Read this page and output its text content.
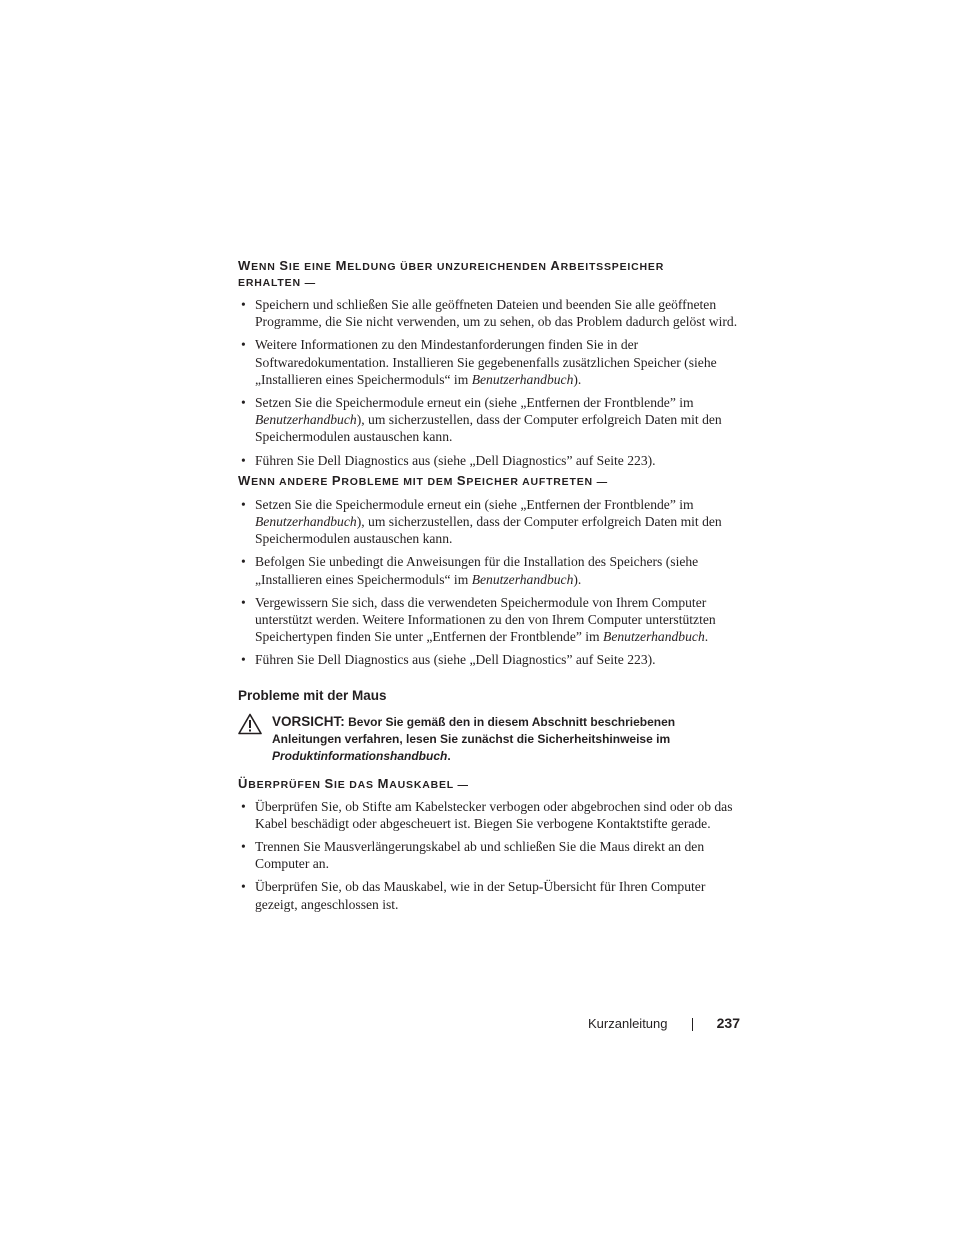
WENN SIE EINE MELDUNG ÜBER UNZUREICHENDEN ARBEITSSPEICHER
ERHALTEN —
• Speichern und schließen Sie alle geöffneten Dateien und beenden Sie alle geöffneten Programme, die Sie nicht verwenden, um zu sehen, ob das Problem dadurch gelöst wird.
• Weitere Informationen zu den Mindestanforderungen finden Sie in der Softwaredokumentation. Installieren Sie gegebenenfalls zusätzlichen Speicher (siehe „Installieren eines Speichermoduls“ im Benutzerhandbuch).
• Setzen Sie die Speichermodule erneut ein (siehe „Entfernen der Frontblende” im Benutzerhandbuch), um sicherzustellen, dass der Computer erfolgreich Daten mit den Speichermodulen austauschen kann.
• Führen Sie Dell Diagnostics aus (siehe „Dell Diagnostics” auf Seite 223).
WENN ANDERE PROBLEME MIT DEM SPEICHER AUFTRETEN —
• Setzen Sie die Speichermodule erneut ein (siehe „Entfernen der Frontblende” im Benutzerhandbuch), um sicherzustellen, dass der Computer erfolgreich Daten mit den Speichermodulen austauschen kann.
• Befolgen Sie unbedingt die Anweisungen für die Installation des Speichers (siehe „Installieren eines Speichermoduls“ im Benutzerhandbuch).
• Vergewissern Sie sich, dass die verwendeten Speichermodule von Ihrem Computer unterstützt werden. Weitere Informationen zu den von Ihrem Computer unterstützten Speichertypen finden Sie unter „Entfernen der Frontblende” im Benutzerhandbuch.
• Führen Sie Dell Diagnostics aus (siehe „Dell Diagnostics” auf Seite 223).
Probleme mit der Maus
VORSICHT: Bevor Sie gemäß den in diesem Abschnitt beschriebenen Anleitungen verfahren, lesen Sie zunächst die Sicherheitshinweise im Produktinformationshandbuch.
ÜBERPRÜFEN SIE DAS MAUSKABEL —
• Überprüfen Sie, ob Stifte am Kabelstecker verbogen oder abgebrochen sind oder ob das Kabel beschädigt oder abgescheuert ist. Biegen Sie verbogene Kontaktstifte gerade.
• Trennen Sie Mausverlängerungskabel ab und schließen Sie die Maus direkt an den Computer an.
• Überprüfen Sie, ob das Mauskabel, wie in der Setup-Übersicht für Ihren Computer gezeigt, angeschlossen ist.
Kurzanleitung	237
